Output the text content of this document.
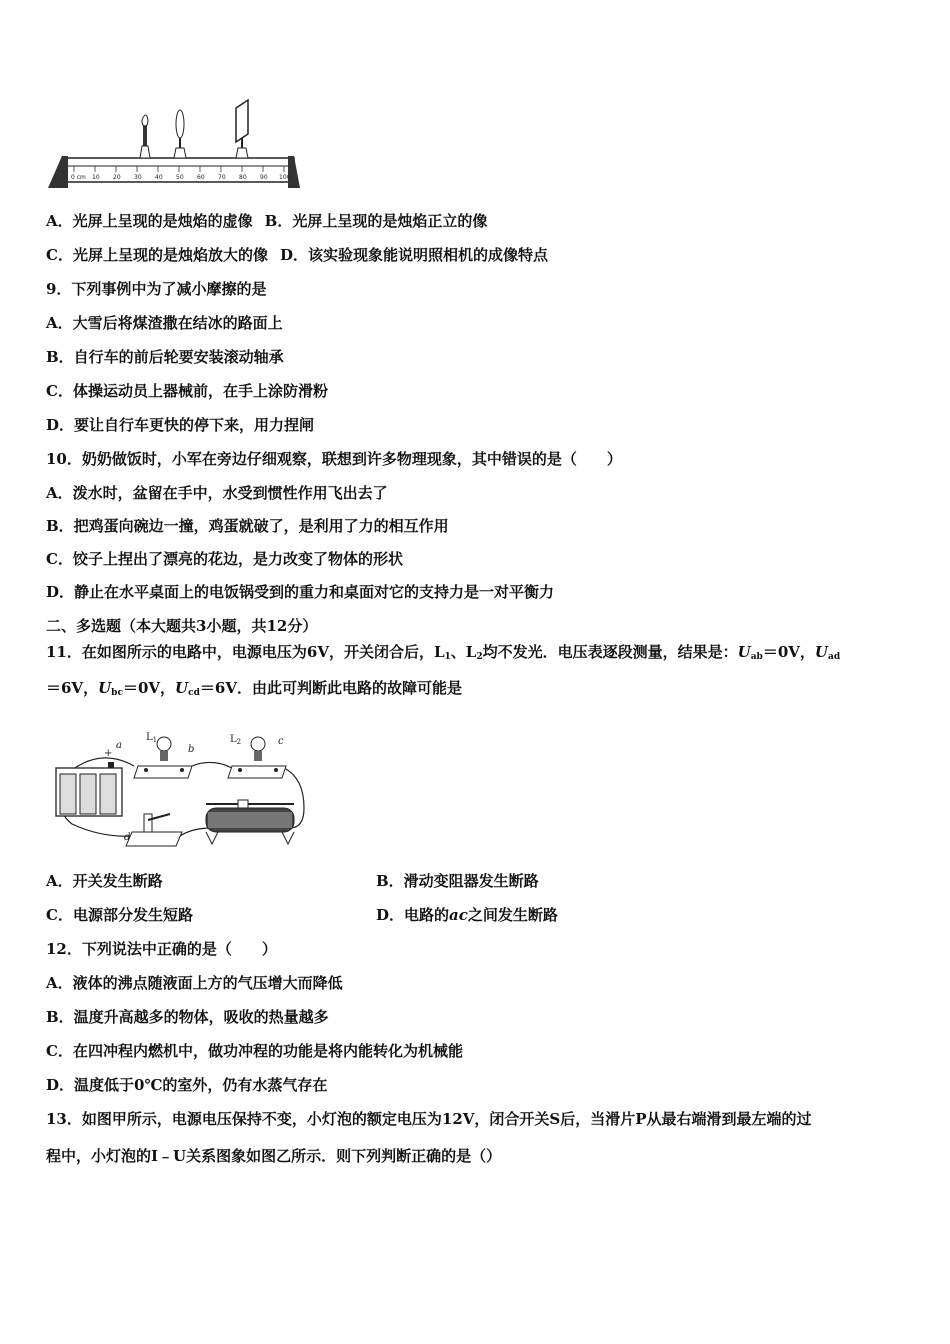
0 cm 10 20 30 40 50 60 70 80 90 100
A．光屏上呈现的是烛焰的虚像 B．光屏上呈现的是烛焰正立的像
C．光屏上呈现的是烛焰放大的像 D．该实验现象能说明照相机的成像特点
9．下列事例中为了减小摩擦的是
A．大雪后将煤渣撒在结冰的路面上
B．自行车的前后轮要安装滚动轴承
C．体操运动员上器械前，在手上涂防滑粉
D．要让自行车更快的停下来，用力捏闸
10．奶奶做饭时，小军在旁边仔细观察，联想到许多物理现象，其中错误的是（　　）
A．泼水时，盆留在手中，水受到惯性作用飞出去了
B．把鸡蛋向碗边一撞，鸡蛋就破了，是利用了力的相互作用
C．饺子上捏出了漂亮的花边，是力改变了物体的形状
D．静止在水平桌面上的电饭锅受到的重力和桌面对它的支持力是一对平衡力
二、多选题（本大题共3小题，共12分）
11．在如图所示的电路中，电源电压为6V，开关闭合后，$L_1$、$L_2$均不发光．电压表逐段测量，结果是：$U_{ab}=0V$，$U_{ad}$
＝6V，$U_{bc}=0V$，$U_{cd}=6V$．由此可判断此电路的故障可能是
+
a
$L_1$
b
$L_2$	c
d
A．开关发生断路	B．滑动变阻器发生断路
C．电源部分发生短路	D．电路的ac之间发生断路
12．下列说法中正确的是（　　）
A．液体的沸点随液面上方的气压增大而降低
B．温度升高越多的物体，吸收的热量越多
C．在四冲程内燃机中，做功冲程的功能是将内能转化为机械能
D．温度低于0℃的室外，仍有水蒸气存在
13．如图甲所示，电源电压保持不变，小灯泡的额定电压为12V，闭合开关S后，当滑片P从最右端滑到最左端的过
程中，小灯泡的I﹣U关系图象如图乙所示．则下列判断正确的是（）
